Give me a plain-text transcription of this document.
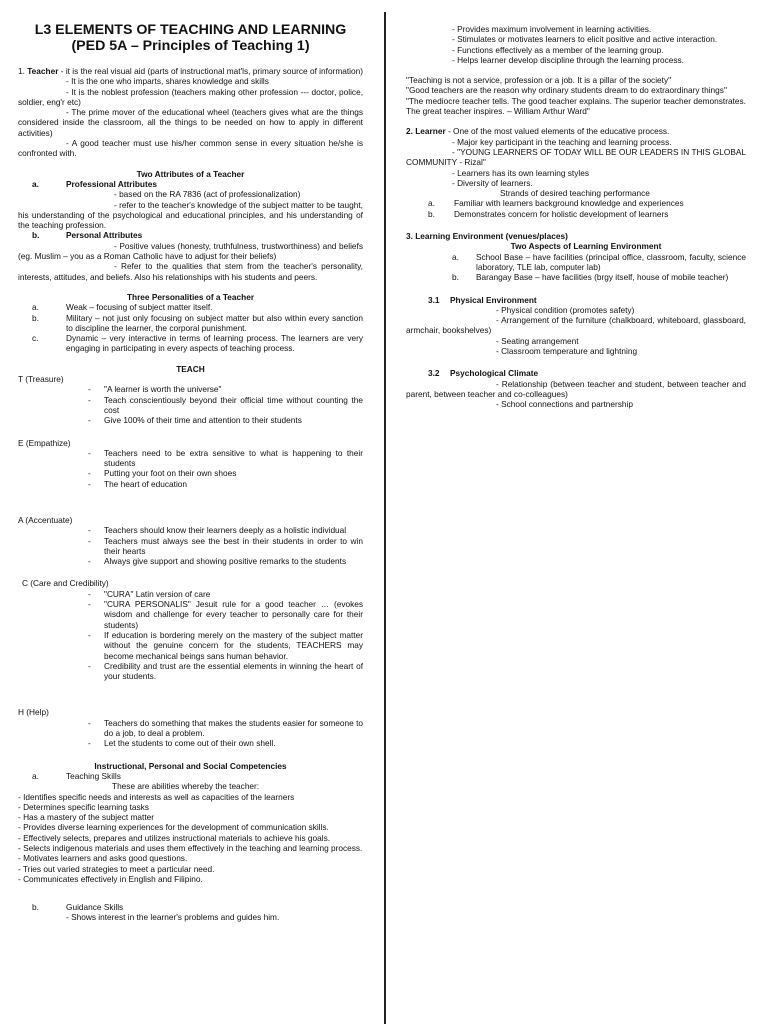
L3 ELEMENTS OF TEACHING AND LEARNING

(PED 5A – Principles of Teaching 1)

1. Teacher - it is the real visual aid (parts of instructional mat'ls, primary source of information)

- It is the one who imparts, shares knowledge and skills

- It is the noblest profession (teachers making other profession --- doctor, police, soldier, eng'r etc)

- The prime mover of the educational wheel (teachers gives what are the things considered inside the classroom, all the things to be needed on how to apply in different activities)

- A good teacher must use his/her common sense in every situation he/she is confronted with.

Two Attributes of a Teacher

a.	Professional Attributes

- based on the RA 7836 (act of professionalization)

- refer to the teacher's knowledge of the subject matter to be taught, his understanding of the psychological and educational principles, and his understanding of the teaching profession.

b.	Personal Attributes

- Positive values (honesty, truthfulness, trustworthiness) and beliefs (eg. Muslim – you as a Roman Catholic have to adjust for their beliefs)

- Refer to the qualities that stem from the teacher's personality, interests, attitudes, and beliefs. Also his relationships with his students and peers.

Three Personalities of a Teacher

a.	Weak – focusing of subject matter itself.
b.	Military – not just only focusing on subject matter but also within every sanction to discipline the learner, the corporal punishment.
c.	Dynamic – very interactive in terms of learning process. The learners are very engaging in participating in every aspects of teaching process.

TEACH

T (Treasure)

-	"A learner is worth the universe"
-	Teach conscientiously beyond their official time without counting the cost
-	Give 100% of their time and attention to their students

E (Empathize)

-	Teachers need to be extra sensitive to what is happening to their students
-	Putting your foot on their own shoes
-	The heart of education

A (Accentuate)

-	Teachers should know their learners deeply as a holistic individual
-	Teachers must always see the best in their students in order to win their hearts
-	Always give support and showing positive remarks to the students

C (Care and Credibility)

-	"CURA" Latin version of care
-	"CURA PERSONALIS" Jesuit rule for a good teacher … (evokes wisdom and challenge for every teacher to personally care for their students)
-	If education is bordering merely on the mastery of the subject matter without the genuine concern for the students, TEACHERS may become mechanical beings sans human behavior.
-	Credibility and trust are the essential elements in winning the heart of your students.

H (Help)

-	Teachers do something that makes the students easier for someone to do a job, to deal a problem.
-	Let the students to come out of their own shell.

Instructional, Personal and Social Competencies

a.	Teaching Skills

These are abilities whereby the teacher:

- Identifies specific needs and interests as well as capacities of the learners

- Determines specific learning tasks

- Has a mastery of the subject matter

- Provides diverse learning experiences for the development of communication skills.

- Effectively selects, prepares and utilizes instructional materials to achieve his goals.

- Selects indigenous materials and uses them effectively in the teaching and learning process.

- Motivates learners and asks good questions.

- Tries out varied strategies to meet a particular need.

- Communicates effectively in English and Filipino.

b.	Guidance Skills

- Shows interest in the learner's problems and guides him.

- Provides maximum involvement in learning activities.

- Stimulates or motivates learners to elicit positive and active interaction.

- Functions effectively as a member of the learning group.

- Helps learner develop discipline through the learning process.

"Teaching is not a service, profession or a job. It is a pillar of the society"

"Good teachers are the reason why ordinary students dream to do extraordinary things"

"The mediocre teacher tells. The good teacher explains. The superior teacher demonstrates. The great teacher inspires. – William Arthur Ward"

2. Learner - One of the most valued elements of the educative process.

- Major key participant in the teaching and learning process.

- "YOUNG LEARNERS OF TODAY WILL BE OUR LEADERS IN THIS GLOBAL COMMUNITY - Rizal"

- Learners has its own learning styles

- Diversity of learners.

Strands of desired teaching performance

a.	Familiar with learners background knowledge and experiences
b.	Demonstrates concern for holistic development of learners

3. Learning Environment (venues/places)

Two Aspects of Learning Environment

a.	School Base – have facilities (principal office, classroom, faculty, science laboratory, TLE lab, computer lab)
b.	Barangay Base – have facilities (brgy itself, house of mobile teacher)
3.1	Physical Environment

- Physical condition (promotes safety)

- Arrangement of the furniture (chalkboard, whiteboard, glassboard, armchair, bookshelves)

- Seating arrangement

- Classroom temperature and lightning

3.2	Psychological Climate

- Relationship (between teacher and student, between teacher and parent, between teacher and co-colleagues)

- School connections and partnership
